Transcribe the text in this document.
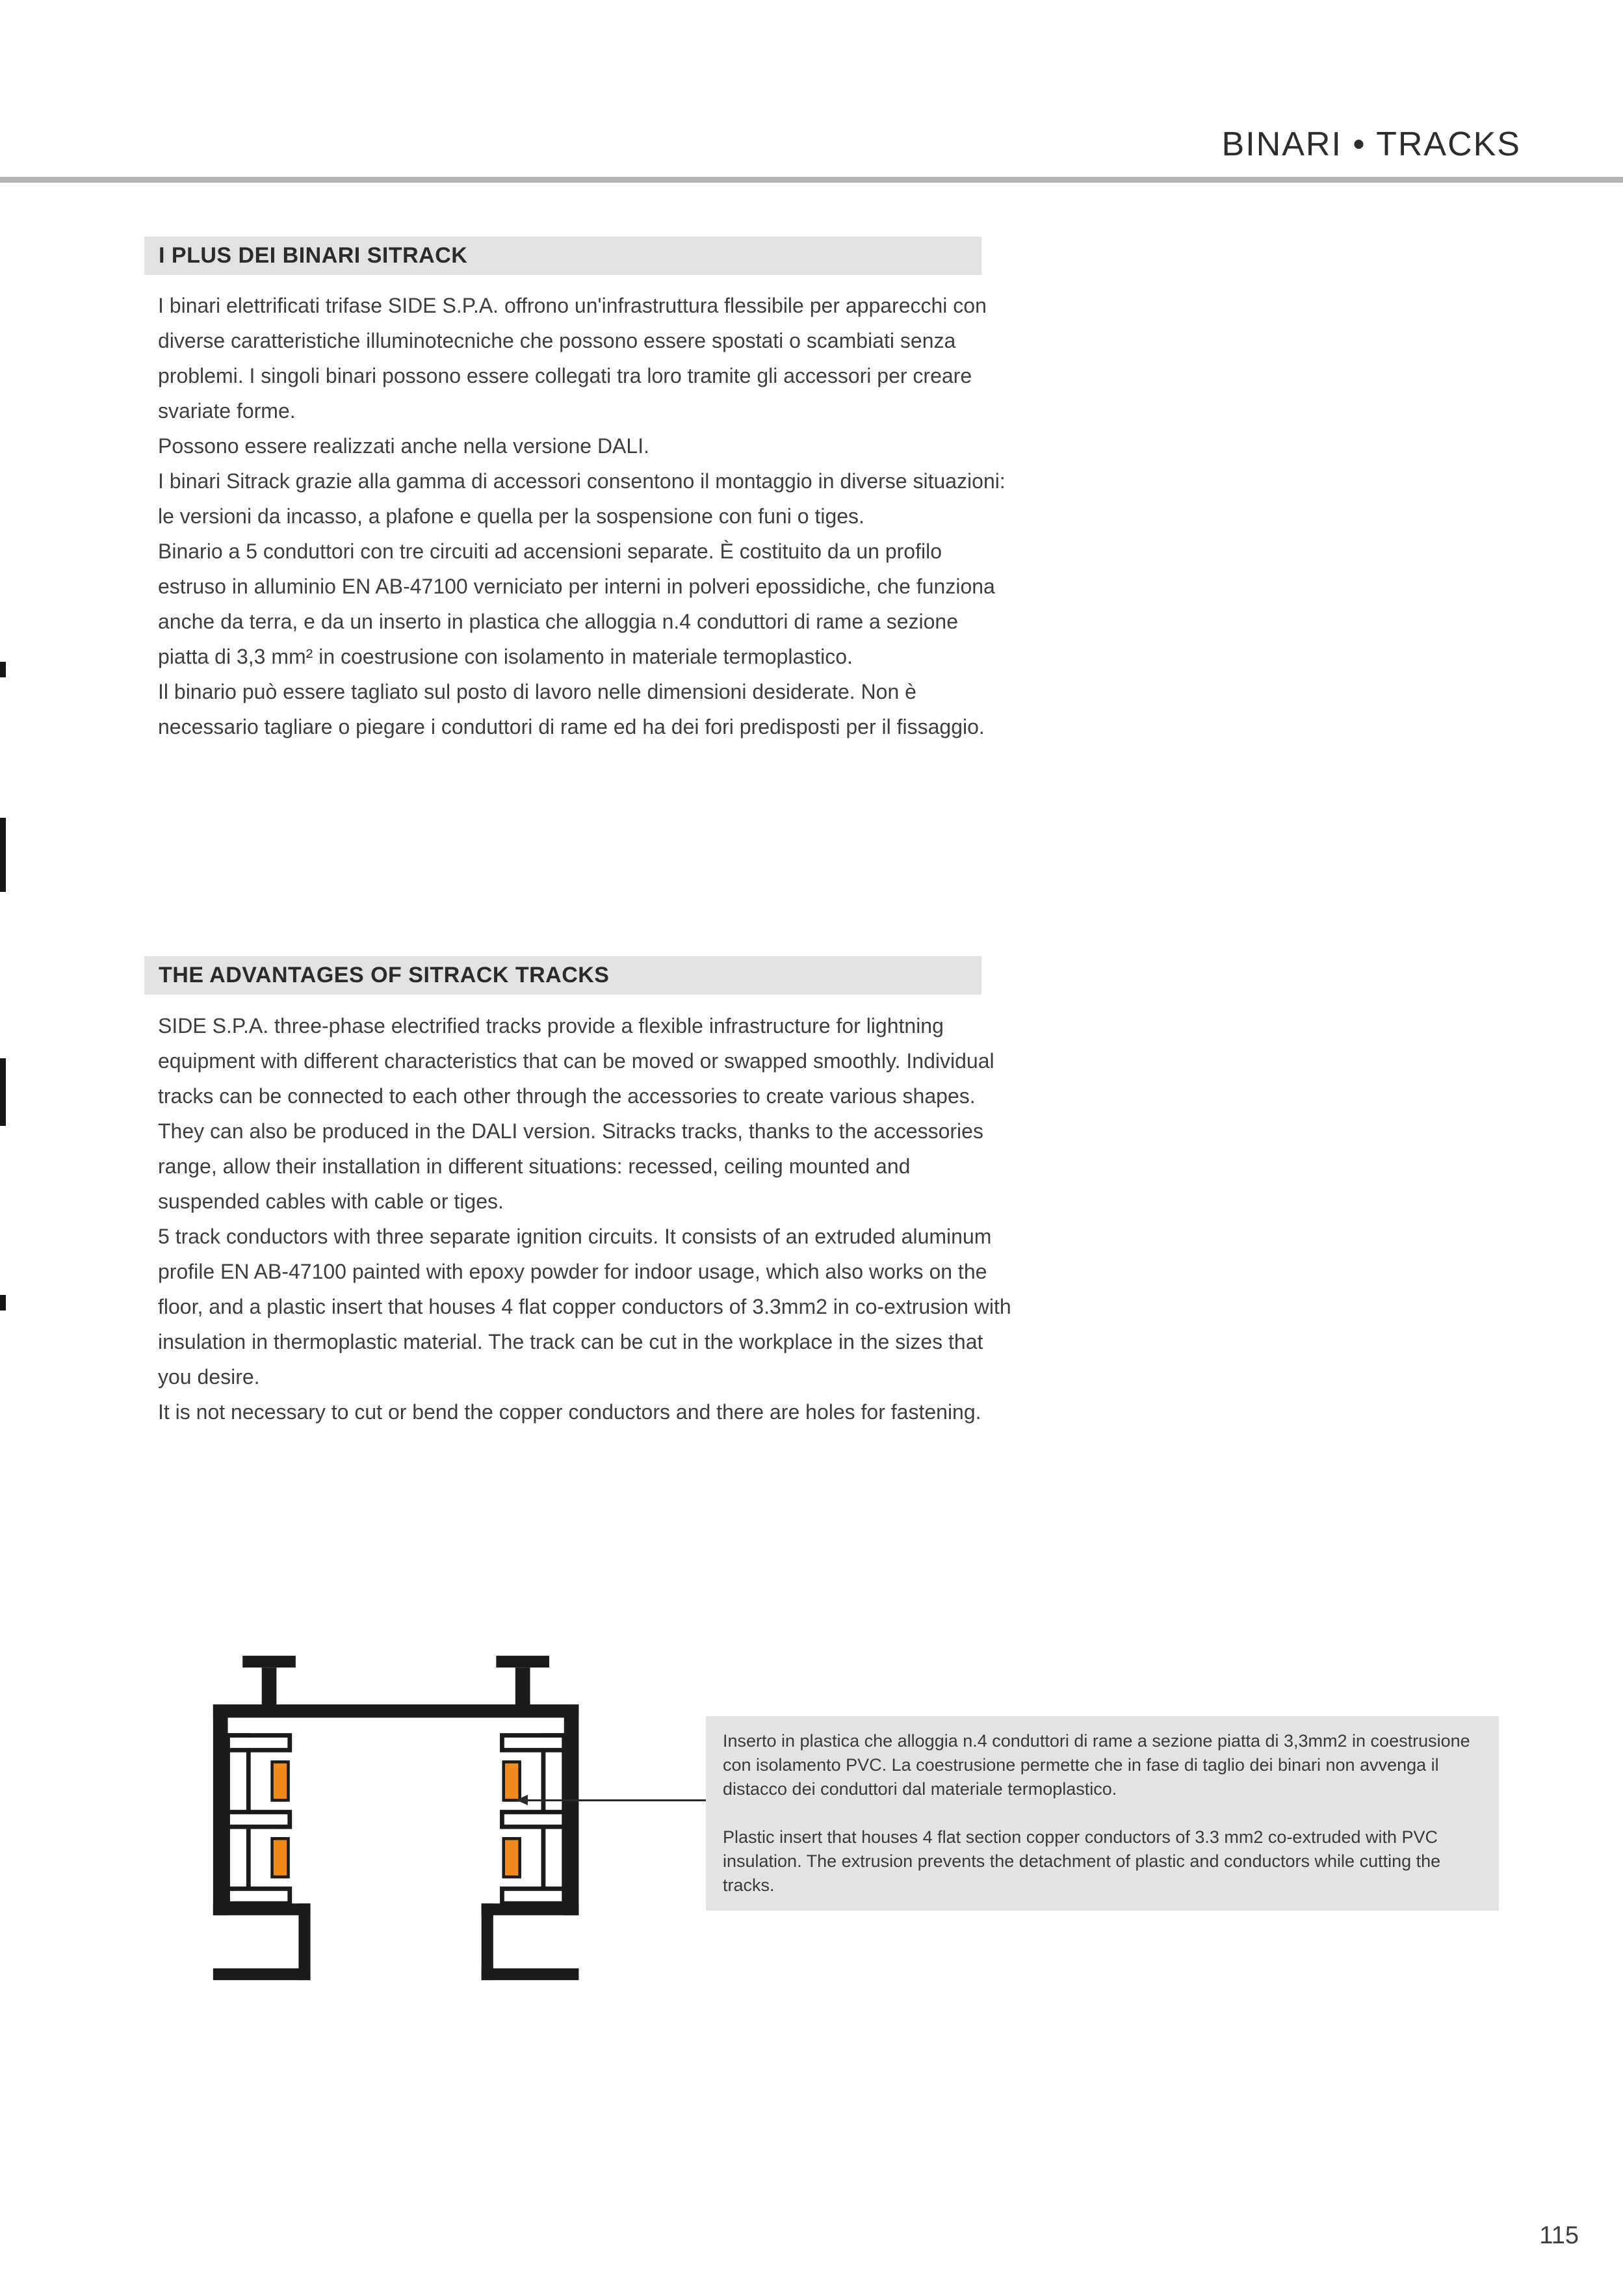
BINARI • TRACKS
I PLUS DEI BINARI SITRACK

I binari elettrificati trifase SIDE S.P.A. offrono un'infrastruttura flessibile per apparecchi con diverse caratteristiche illuminotecniche che possono essere spostati o scambiati senza problemi. I singoli binari possono essere collegati tra loro tramite gli accessori per creare svariate forme.

Possono essere realizzati anche nella versione DALI.

I binari Sitrack grazie alla gamma di accessori consentono il montaggio in diverse situazioni:

le versioni da incasso, a plafone e quella per la sospensione con funi o tiges.

Binario a 5 conduttori con tre circuiti ad accensioni separate. È costituito da un profilo estruso in alluminio EN AB-47100 verniciato per interni in polveri epossidiche, che funziona anche da terra, e da un inserto in plastica che alloggia n.4 conduttori di rame a sezione piatta di 3,3 mm² in coestrusione con isolamento in materiale termoplastico.

Il binario può essere tagliato sul posto di lavoro nelle dimensioni desiderate. Non è necessario tagliare o piegare i conduttori di rame ed ha dei fori predisposti per il fissaggio.

THE ADVANTAGES OF SITRACK TRACKS

SIDE S.P.A. three-phase electrified tracks provide a flexible infrastructure for lightning equipment with different characteristics that can be moved or swapped smoothly. Individual tracks can be connected to each other through the accessories to create various shapes.

They can also be produced in the DALI version. Sitracks tracks, thanks to the accessories range, allow their installation in different situations: recessed, ceiling mounted and suspended cables with cable or tiges.

5 track conductors with three separate ignition circuits. It consists of an extruded aluminum profile EN AB-47100 painted with epoxy powder for indoor usage, which also works on the floor, and a plastic insert that houses 4 flat copper conductors of 3.3mm2 in co-extrusion with insulation in thermoplastic material. The track can be cut in the workplace in the sizes that you desire.

It is not necessary to cut or bend the copper conductors and there are holes for fastening.

Inserto in plastica che alloggia n.4 conduttori di rame a sezione piatta di 3,3mm2 in coestrusione con isolamento PVC. La coestrusione permette che in fase di taglio dei binari non avvenga il distacco dei conduttori dal materiale termoplastico.

Plastic insert that houses 4 flat section copper conductors of 3.3 mm2 co-extruded with PVC insulation. The extrusion prevents the detachment of plastic and conductors while cutting the tracks.

115
